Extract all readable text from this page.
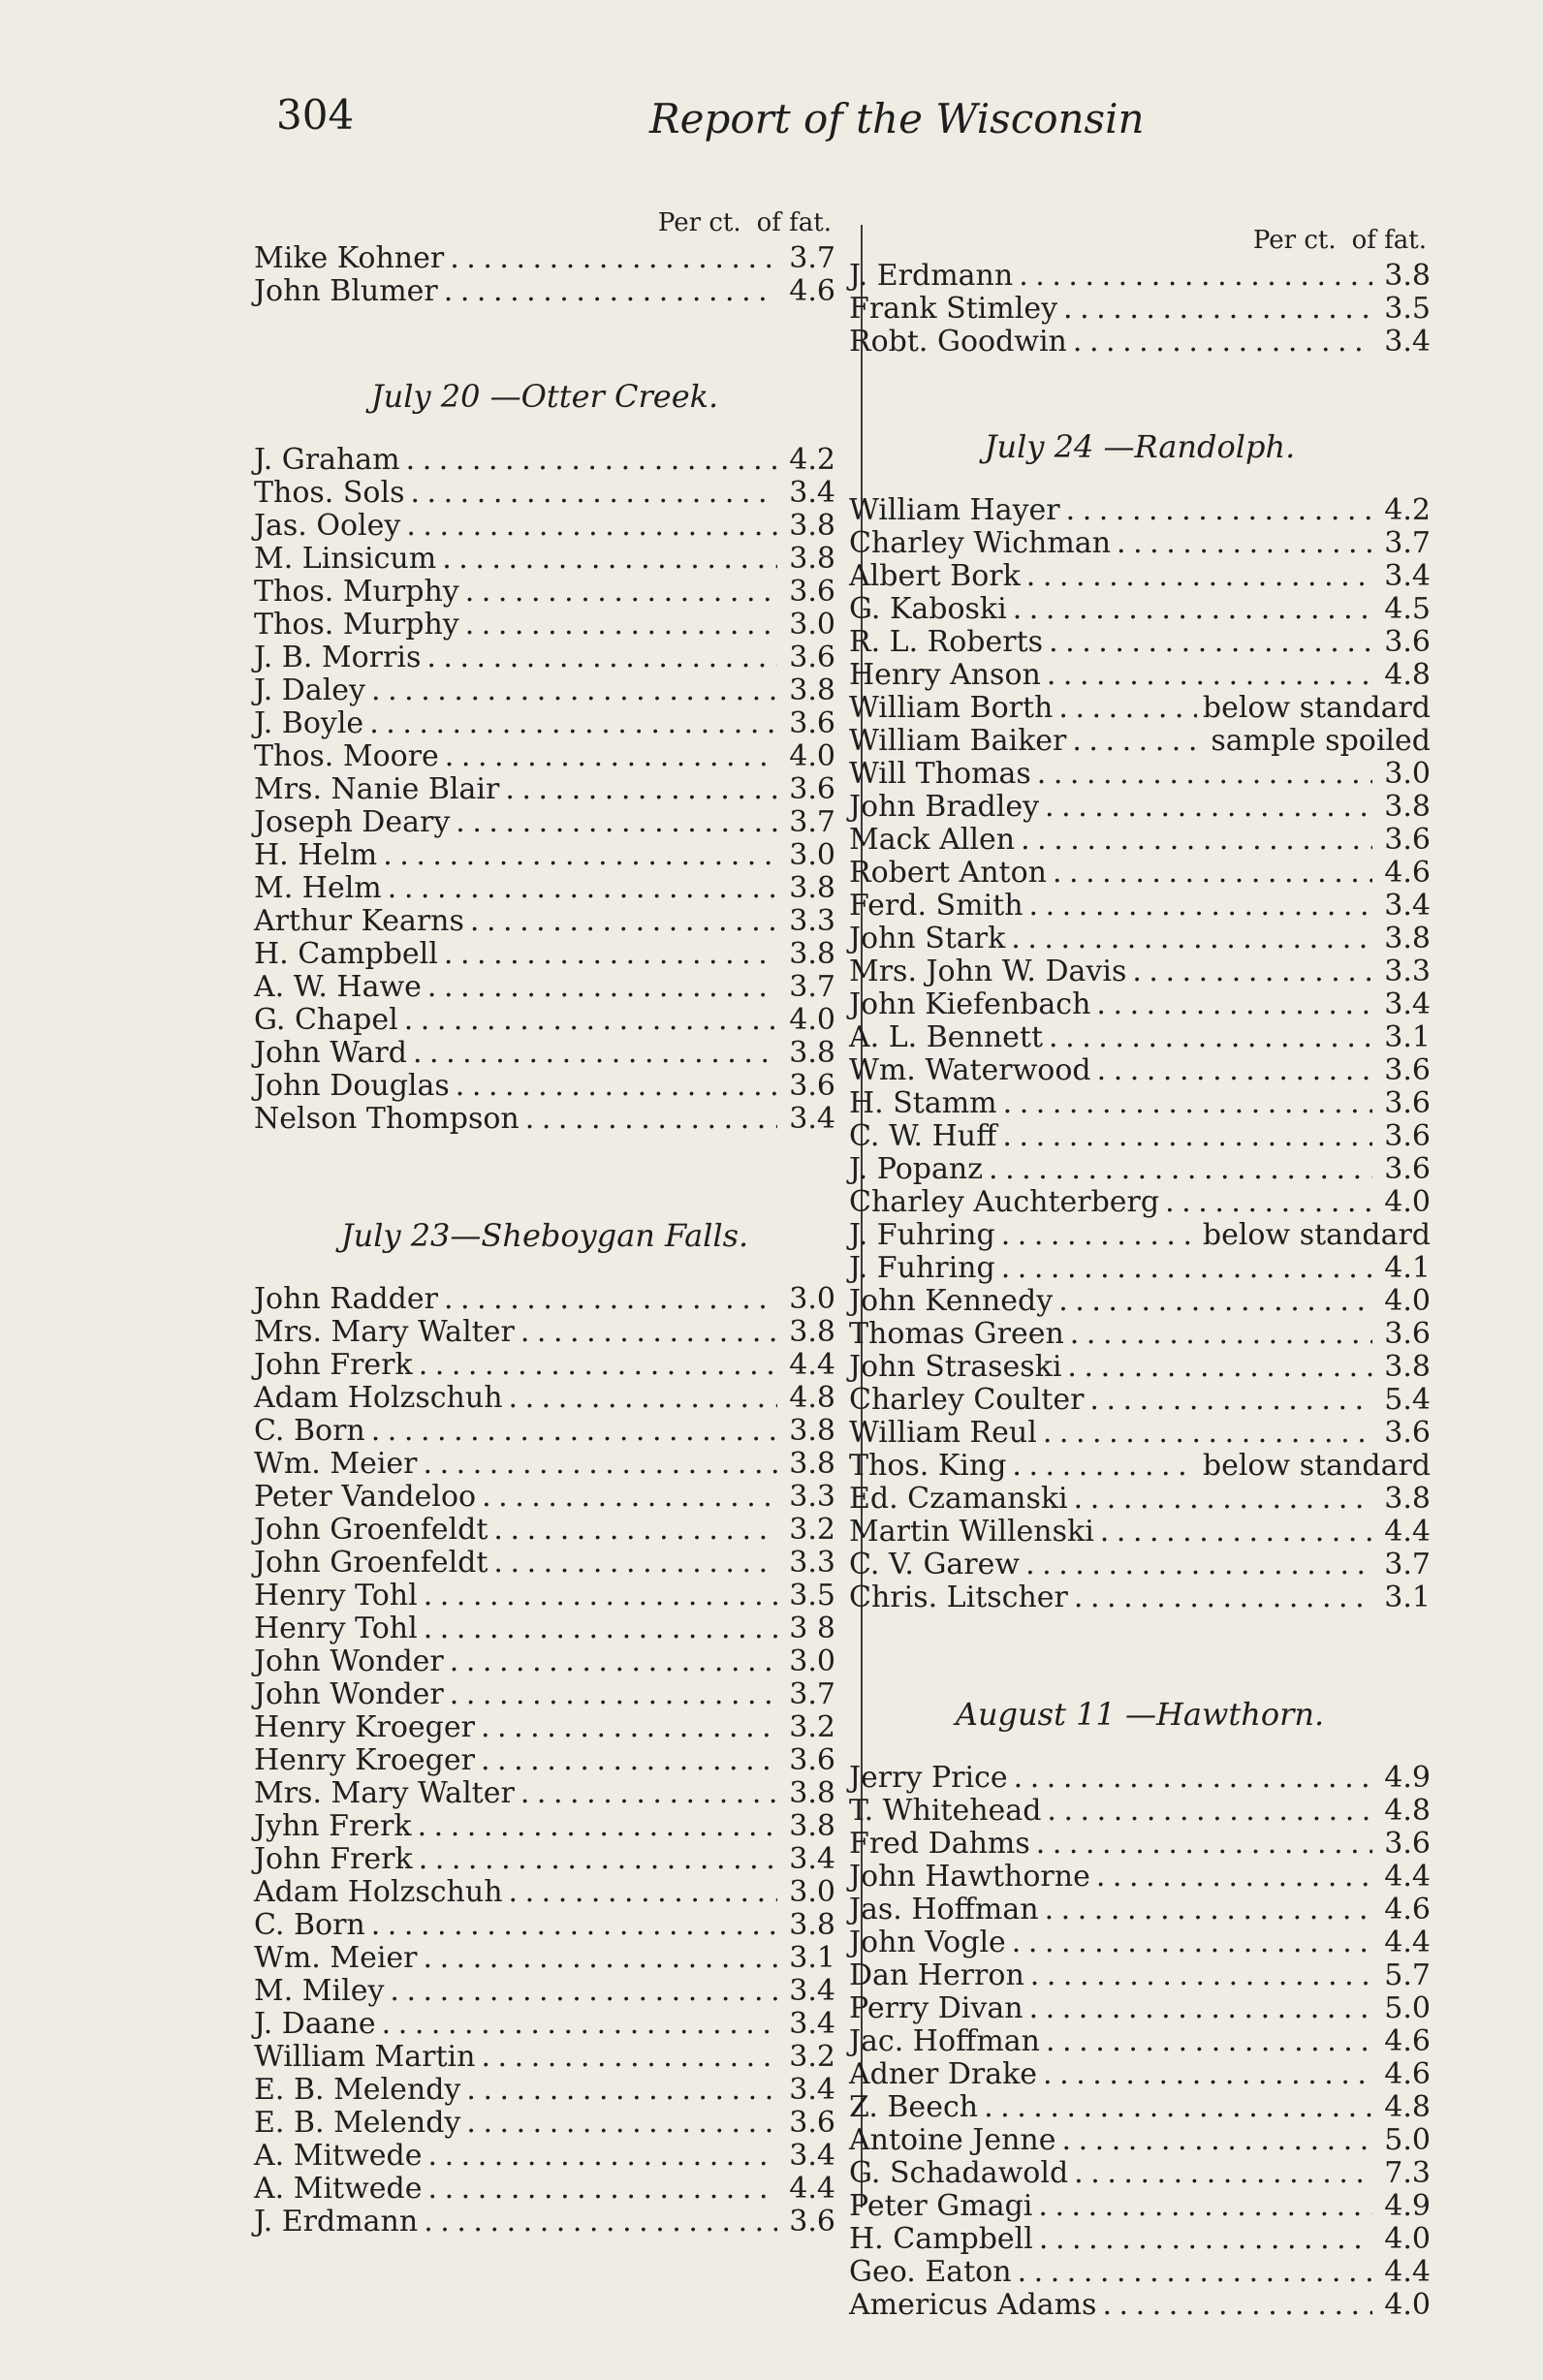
304	Report of the Wisconsin
Per ct. of fat.
Mike Kohner . . .	3.7
John Blumer . . .	4.6
July 20 —Otter Creek.
J. Graham . . .	4.2
Thos. Sols . . .	3.4
Jas. Ooley . . .	3.8
M. Linsicum . . .	3.8
Thos. Murphy . . .	3.6
Thos. Murphy . . .	3.0
J. B. Morris . . .	3.6
J. Daley . . .	3.8
J. Boyle . . .	3.6
Thos. Moore . . .	4.0
Mrs. Nanie Blair . . .	3.6
Joseph Deary . . .	3.7
H. Helm . . .	3.0
M. Helm . . .	3.8
Arthur Kearns . . .	3.3
H. Campbell . . .	3.8
A. W. Hawe . . .	3.7
G. Chapel . . .	4.0
John Ward . . .	3.8
John Douglas . . .	3.6
Nelson Thompson . . .	3.4
July 23—Sheboygan Falls.
John Radder . . .	3.0
Mrs. Mary Walter . . .	3.8
John Frerk . . .	4.4
Adam Holzschuh . . .	4.8
C. Born . . .	3.8
Wm. Meier . . .	3.8
Peter Vandeloo . . .	3.3
John Groenfeldt . . .	3.2
John Groenfeldt . . .	3.3
Henry Tohl . . .	3.5
Henry Tohl . . .	3 8
John Wonder . . .	3.0
John Wonder . . .	3.7
Henry Kroeger . . .	3.2
Henry Kroeger . . .	3.6
Mrs. Mary Walter . . .	3.8
Jyhn Frerk . . .	3.8
John Frerk . . .	3.4
Adam Holzschuh . . .	3.0
C. Born . . .	3.8
Wm. Meier . . .	3.1
M. Miley . . .	3.4
J. Daane . . .	3.4
William Martin . . .	3.2
E. B. Melendy . . .	3.4
E. B. Melendy . . .	3.6
A. Mitwede . . .	3.4
A. Mitwede . . .	4.4
J. Erdmann . . .	3.6
Per ct. of fat.
J. Erdmann . . .	3.8
Frank Stimley . . .	3.5
Robt. Goodwin . . .	3.4
July 24 —Randolph.
William Hayer . . .	4.2
Charley Wichman . . .	3.7
Albert Bork . . .	3.4
G. Kaboski . . .	4.5
R. L. Roberts . . .	3.6
Henry Anson . . .	4.8
William Borth . . .	below standard
William Baiker . . .	sample spoiled
Will Thomas . . .	3.0
John Bradley . . .	3.8
Mack Allen . . .	3.6
Robert Anton . . .	4.6
Ferd. Smith . . .	3.4
John Stark . . .	3.8
Mrs. John W. Davis . . .	3.3
John Kiefenbach . . .	3.4
A. L. Bennett . . .	3.1
Wm. Waterwood . . .	3.6
H. Stamm . . .	3.6
C. W. Huff . . .	3.6
J. Popanz . . .	3.6
Charley Auchterberg . . .	4.0
J. Fuhring . . .	below standard
J. Fuhring . . .	4.1
John Kennedy . . .	4.0
Thomas Green . . .	3.6
John Straseski . . .	3.8
Charley Coulter . . .	5.4
William Reul . . .	3.6
Thos. King . . .	below standard
Ed. Czamanski . . .	3.8
Martin Willenski . . .	4.4
C. V. Garew . . .	3.7
Chris. Litscher . . .	3.1
August 11 —Hawthorn.
Jerry Price . . .	4.9
T. Whitehead . . .	4.8
Fred Dahms . . .	3.6
John Hawthorne . . .	4.4
Jas. Hoffman . . .	4.6
John Vogle . . .	4.4
Dan Herron . . .	5.7
Perry Divan . . .	5.0
Jac. Hoffman . . .	4.6
Adner Drake . . .	4.6
Z. Beech . . .	4.8
Antoine Jenne . . .	5.0
G. Schadawold . . .	7.3
Peter Gmagi . . .	4.9
H. Campbell . . .	4.0
Geo. Eaton . . .	4.4
Americus Adams . . .	4.0
